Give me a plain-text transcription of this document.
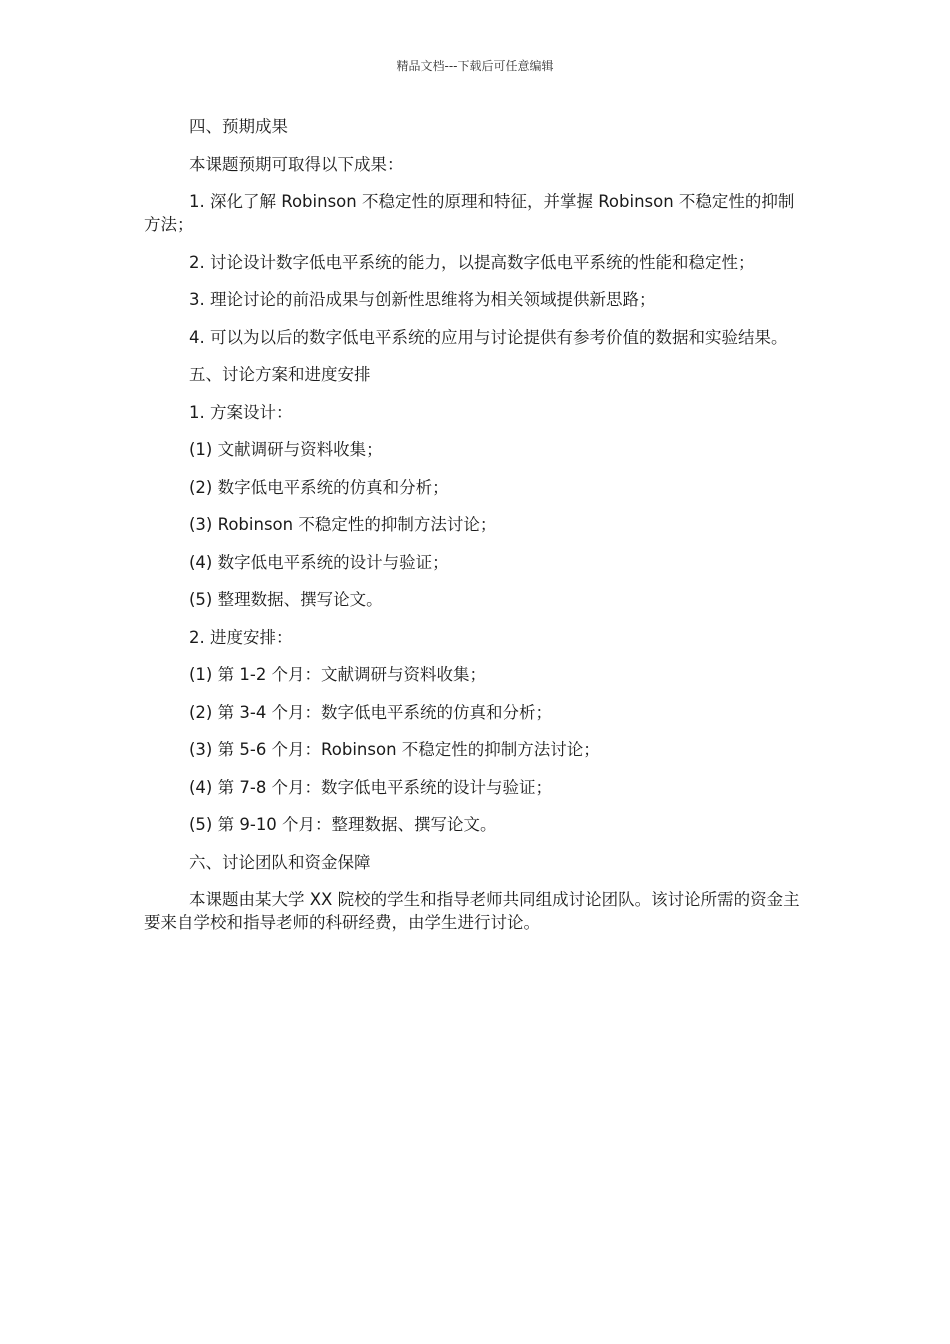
精品文档---下载后可任意编辑

四、预期成果

本课题预期可取得以下成果：

1. 深化了解 Robinson 不稳定性的原理和特征，并掌握 Robinson 不稳定性的抑制方法；

2. 讨论设计数字低电平系统的能力，以提高数字低电平系统的性能和稳定性；

3. 理论讨论的前沿成果与创新性思维将为相关领域提供新思路；

4. 可以为以后的数字低电平系统的应用与讨论提供有参考价值的数据和实验结果。

五、讨论方案和进度安排

1. 方案设计：

(1) 文献调研与资料收集；

(2) 数字低电平系统的仿真和分析；

(3) Robinson 不稳定性的抑制方法讨论；

(4) 数字低电平系统的设计与验证；

(5) 整理数据、撰写论文。

2. 进度安排：

(1) 第 1-2 个月：文献调研与资料收集；

(2) 第 3-4 个月：数字低电平系统的仿真和分析；

(3) 第 5-6 个月：Robinson 不稳定性的抑制方法讨论；

(4) 第 7-8 个月：数字低电平系统的设计与验证；

(5) 第 9-10 个月：整理数据、撰写论文。

六、讨论团队和资金保障

本课题由某大学 XX 院校的学生和指导老师共同组成讨论团队。该讨论所需的资金主要来自学校和指导老师的科研经费，由学生进行讨论。
